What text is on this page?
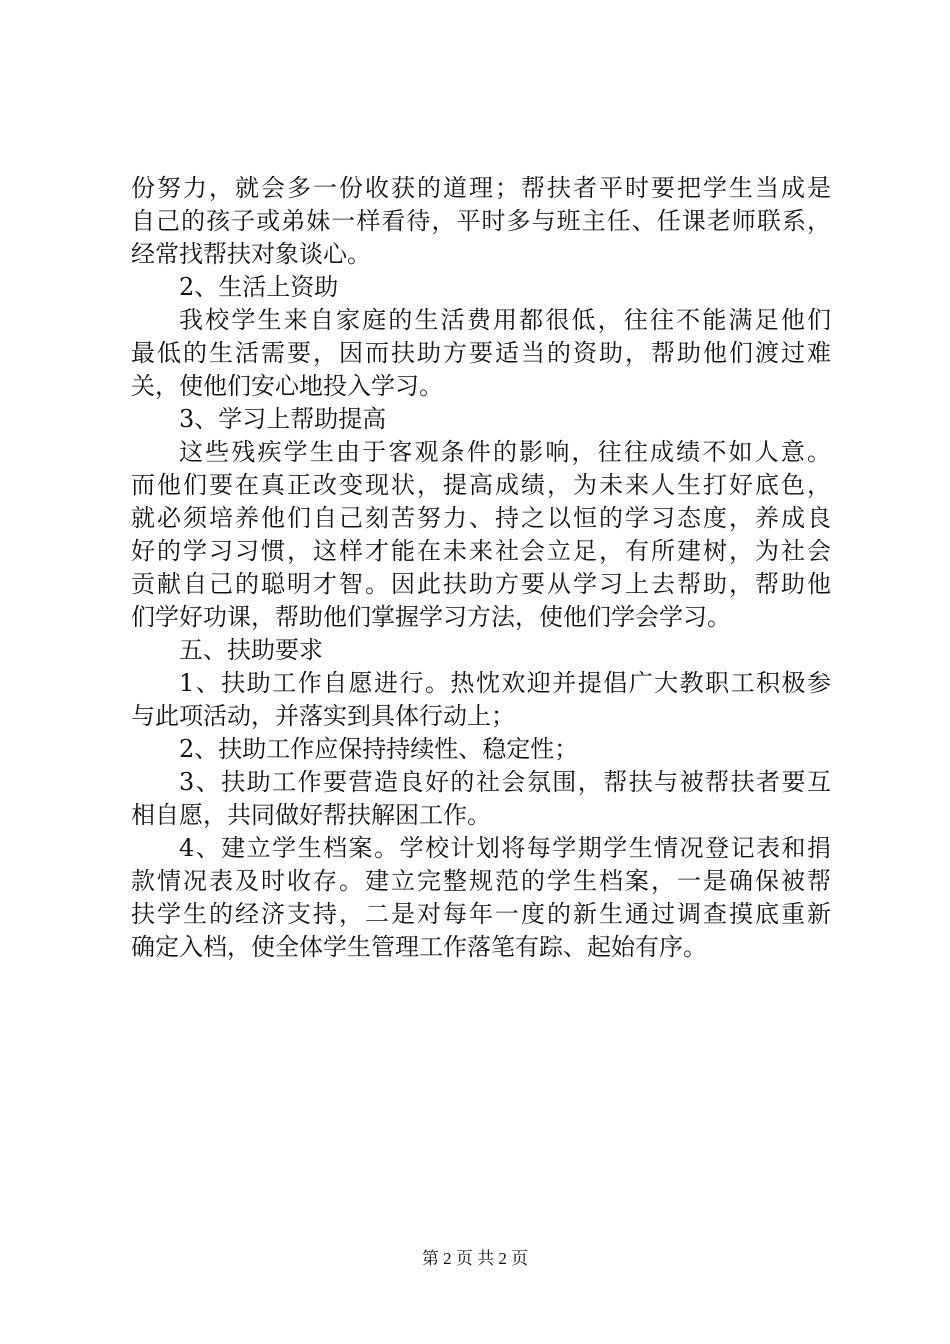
份努力，就会多一份收获的道理；帮扶者平时要把学生当成是
自己的孩子或弟妹一样看待，平时多与班主任、任课老师联系，
经常找帮扶对象谈心。
2、生活上资助
我校学生来自家庭的生活费用都很低，往往不能满足他们
最低的生活需要，因而扶助方要适当的资助，帮助他们渡过难
关，使他们安心地投入学习。
3、学习上帮助提高
这些残疾学生由于客观条件的影响，往往成绩不如人意。
而他们要在真正改变现状，提高成绩，为未来人生打好底色，
就必须培养他们自己刻苦努力、持之以恒的学习态度，养成良
好的学习习惯，这样才能在未来社会立足，有所建树，为社会
贡献自己的聪明才智。因此扶助方要从学习上去帮助，帮助他
们学好功课，帮助他们掌握学习方法，使他们学会学习。
五、扶助要求
1、扶助工作自愿进行。热忱欢迎并提倡广大教职工积极参
与此项活动，并落实到具体行动上；
2、扶助工作应保持持续性、稳定性；
3、扶助工作要营造良好的社会氛围，帮扶与被帮扶者要互
相自愿，共同做好帮扶解困工作。
4、建立学生档案。学校计划将每学期学生情况登记表和捐
款情况表及时收存。建立完整规范的学生档案，一是确保被帮
扶学生的经济支持，二是对每年一度的新生通过调查摸底重新
确定入档，使全体学生管理工作落笔有踪、起始有序。
第 2 页 共 2 页
